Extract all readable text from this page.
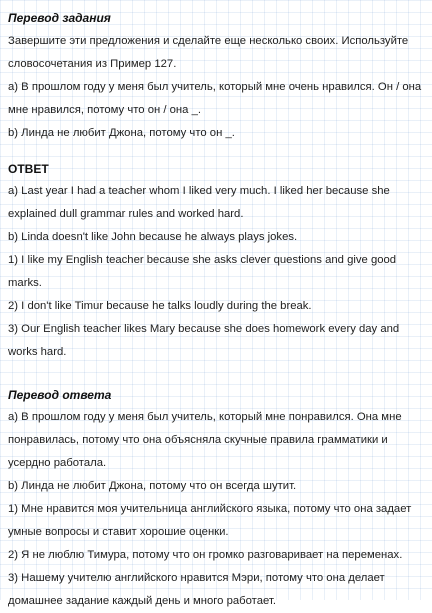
Перевод задания

Завершите эти предложения и сделайте еще несколько своих. Используйте словосочетания из Пример 127.

а) В прошлом году у меня был учитель, который мне очень нравился. Он / она мне нравился, потому что он / она _.

b) Линда не любит Джона, потому что он _.

ОТВЕТ

a) Last year I had a teacher whom I liked very much. I liked her because she explained dull grammar rules and worked hard.

b) Linda doesn't like John because he always plays jokes.

1) I like my English teacher because she asks clever questions and give good marks.

2) I don't like Timur because he talks loudly during the break.

3) Our English teacher likes Mary because she does homework every day and works hard.

Перевод ответа

а) В прошлом году у меня был учитель, который мне понравился. Она мне понравилась, потому что она объясняла скучные правила грамматики и усердно работала.

b) Линда не любит Джона, потому что он всегда шутит.

1) Мне нравится моя учительница английского языка, потому что она задает умные вопросы и ставит хорошие оценки.

2) Я не люблю Тимура, потому что он громко разговаривает на переменах.

3) Нашему учителю английского нравится Мэри, потому что она делает домашнее задание каждый день и много работает.
